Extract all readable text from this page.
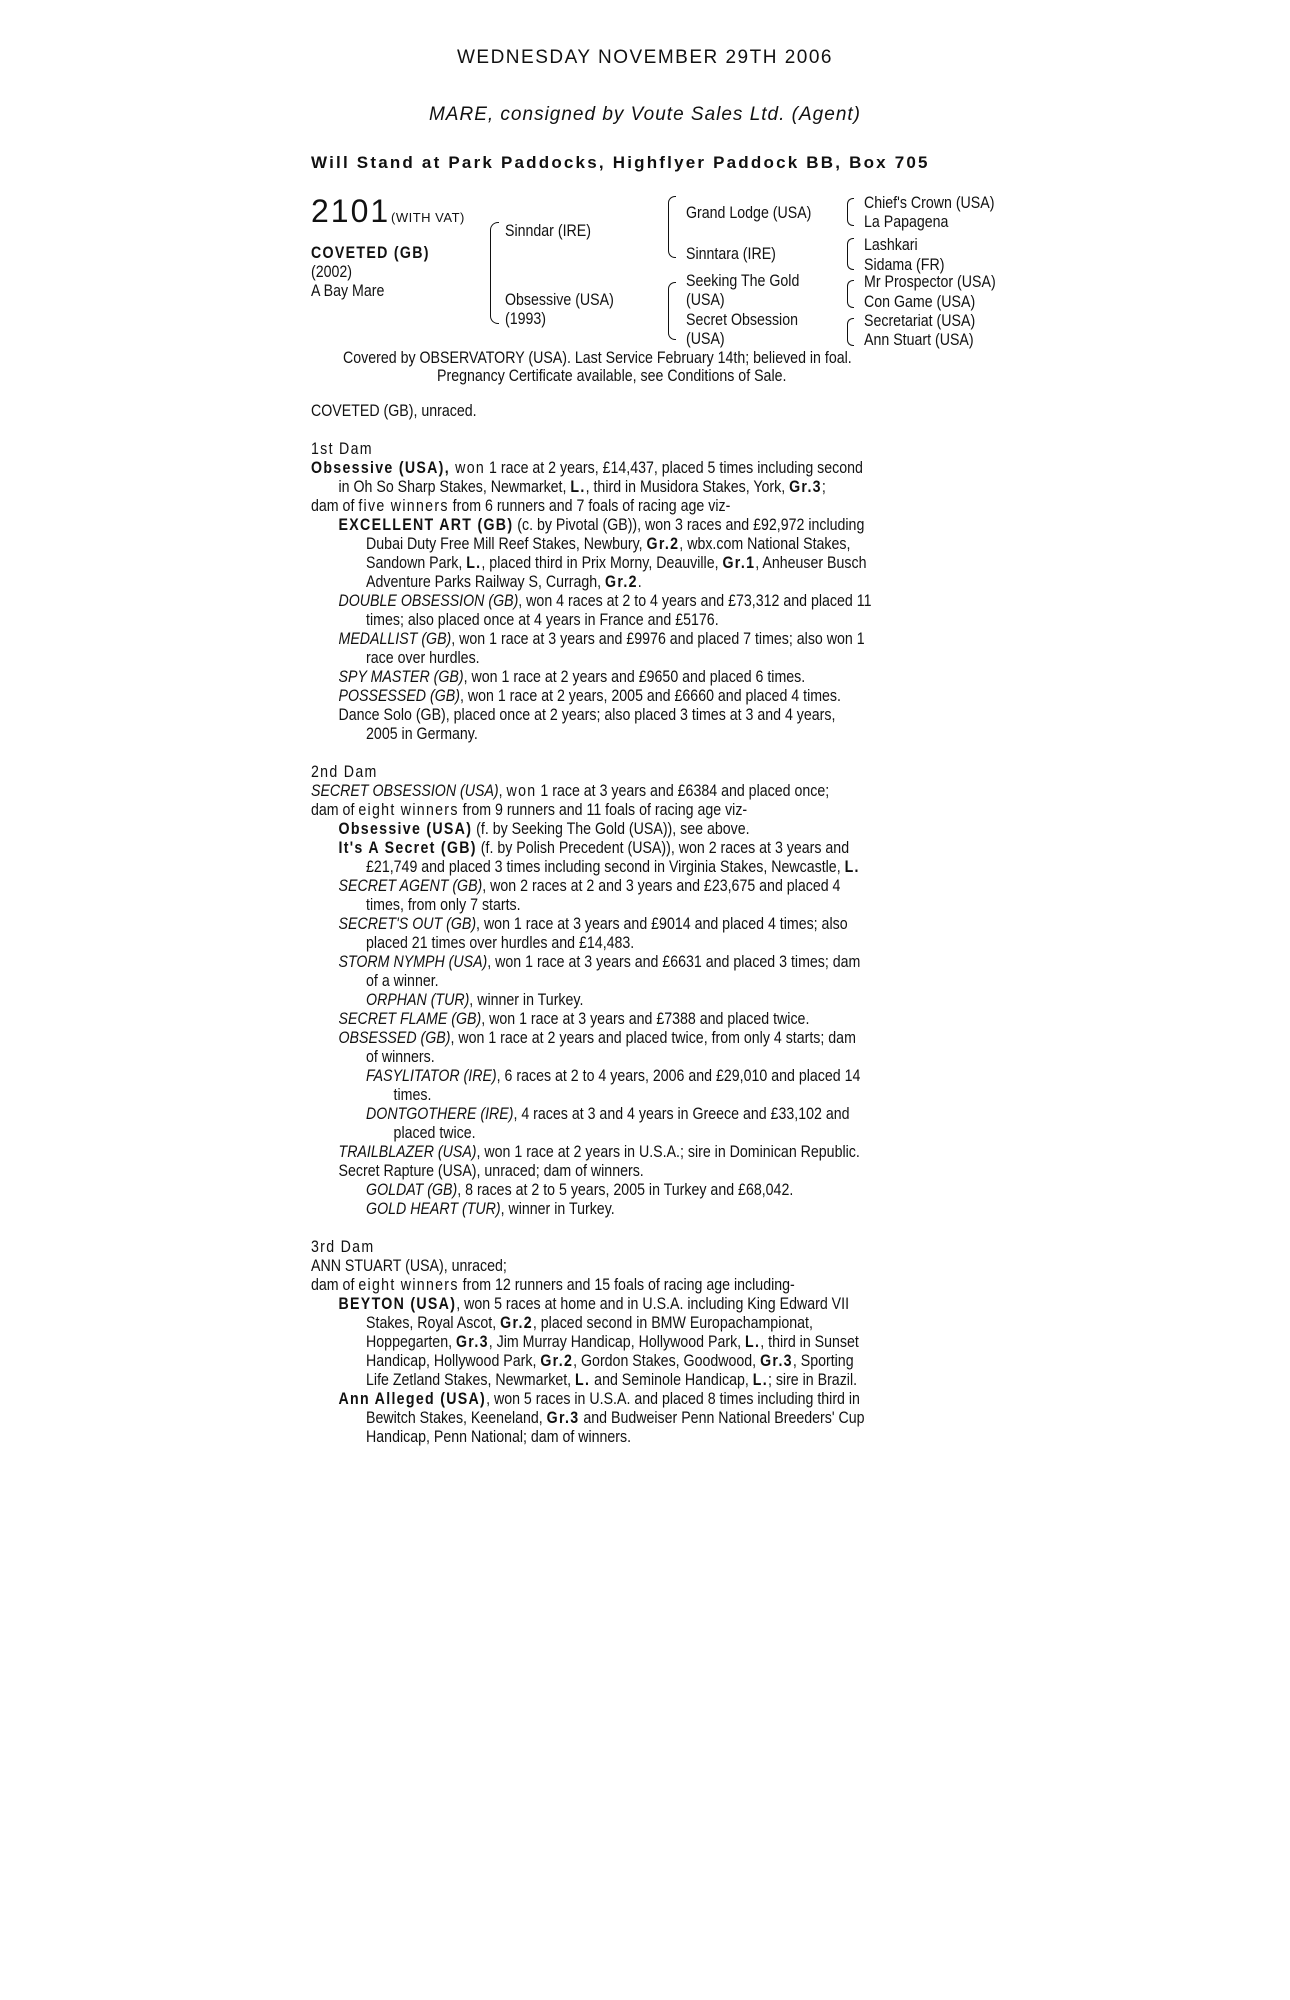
WEDNESDAY NOVEMBER 29TH 2006
MARE, consigned by Voute Sales Ltd. (Agent)
Will Stand at Park Paddocks, Highflyer Paddock BB, Box 705
2101 (WITH VAT)
COVETED (GB)
(2002)
A Bay Mare
Sinndar (IRE)
Obsessive (USA)
(1993)
Grand Lodge (USA)
Sinntara (IRE)
Seeking The Gold
(USA)
Secret Obsession
(USA)
Chief's Crown (USA)
La Papagena
Lashkari
Sidama (FR)
Mr Prospector (USA)
Con Game (USA)
Secretariat (USA)
Ann Stuart (USA)
Covered by OBSERVATORY (USA). Last Service February 14th; believed in foal.
Pregnancy Certificate available, see Conditions of Sale.

COVETED (GB), unraced.

1st Dam

Obsessive (USA), won 1 race at 2 years, £14,437, placed 5 times including second

in Oh So Sharp Stakes, Newmarket, L., third in Musidora Stakes, York, Gr.3;

dam of five winners from 6 runners and 7 foals of racing age viz-

EXCELLENT ART (GB) (c. by Pivotal (GB)), won 3 races and £92,972 including

Dubai Duty Free Mill Reef Stakes, Newbury, Gr.2, wbx.com National Stakes,

Sandown Park, L., placed third in Prix Morny, Deauville, Gr.1, Anheuser Busch

Adventure Parks Railway S, Curragh, Gr.2.

DOUBLE OBSESSION (GB), won 4 races at 2 to 4 years and £73,312 and placed 11

times; also placed once at 4 years in France and £5176.

MEDALLIST (GB), won 1 race at 3 years and £9976 and placed 7 times; also won 1

race over hurdles.

SPY MASTER (GB), won 1 race at 2 years and £9650 and placed 6 times.

POSSESSED (GB), won 1 race at 2 years, 2005 and £6660 and placed 4 times.

Dance Solo (GB), placed once at 2 years; also placed 3 times at 3 and 4 years,

2005 in Germany.

2nd Dam

SECRET OBSESSION (USA), won 1 race at 3 years and £6384 and placed once;

dam of eight winners from 9 runners and 11 foals of racing age viz-

Obsessive (USA) (f. by Seeking The Gold (USA)), see above.

It's A Secret (GB) (f. by Polish Precedent (USA)), won 2 races at 3 years and

£21,749 and placed 3 times including second in Virginia Stakes, Newcastle, L.

SECRET AGENT (GB), won 2 races at 2 and 3 years and £23,675 and placed 4

times, from only 7 starts.

SECRET'S OUT (GB), won 1 race at 3 years and £9014 and placed 4 times; also

placed 21 times over hurdles and £14,483.

STORM NYMPH (USA), won 1 race at 3 years and £6631 and placed 3 times; dam

of a winner.

ORPHAN (TUR), winner in Turkey.

SECRET FLAME (GB), won 1 race at 3 years and £7388 and placed twice.

OBSESSED (GB), won 1 race at 2 years and placed twice, from only 4 starts; dam

of winners.

FASYLITATOR (IRE), 6 races at 2 to 4 years, 2006 and £29,010 and placed 14

times.

DONTGOTHERE (IRE), 4 races at 3 and 4 years in Greece and £33,102 and

placed twice.

TRAILBLAZER (USA), won 1 race at 2 years in U.S.A.; sire in Dominican Republic.

Secret Rapture (USA), unraced; dam of winners.

GOLDAT (GB), 8 races at 2 to 5 years, 2005 in Turkey and £68,042.

GOLD HEART (TUR), winner in Turkey.

3rd Dam

ANN STUART (USA), unraced;

dam of eight winners from 12 runners and 15 foals of racing age including-

BEYTON (USA), won 5 races at home and in U.S.A. including King Edward VII

Stakes, Royal Ascot, Gr.2, placed second in BMW Europachampionat,

Hoppegarten, Gr.3, Jim Murray Handicap, Hollywood Park, L., third in Sunset

Handicap, Hollywood Park, Gr.2, Gordon Stakes, Goodwood, Gr.3, Sporting

Life Zetland Stakes, Newmarket, L. and Seminole Handicap, L.; sire in Brazil.

Ann Alleged (USA), won 5 races in U.S.A. and placed 8 times including third in

Bewitch Stakes, Keeneland, Gr.3 and Budweiser Penn National Breeders' Cup

Handicap, Penn National; dam of winners.
